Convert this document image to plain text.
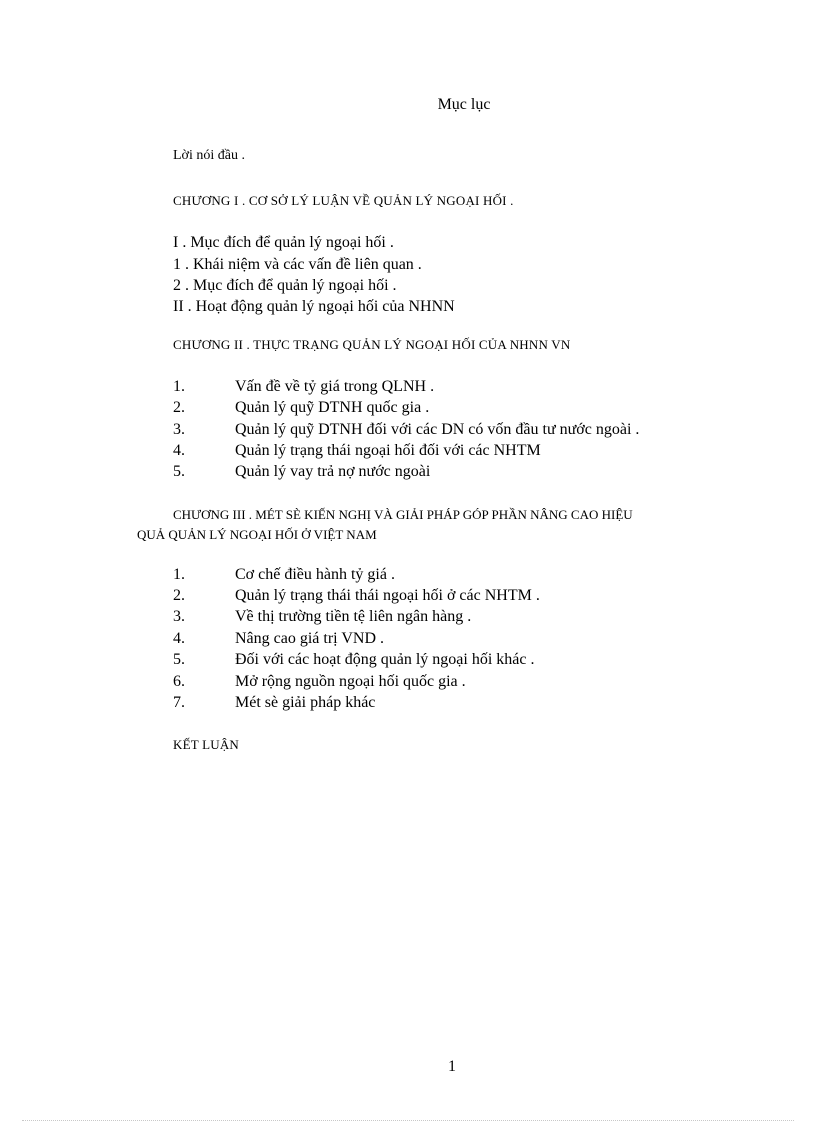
Mục lục
Lời nói đầu .
CHƯƠNG I . CƠ SỞ LÝ LUẬN VỀ QUẢN LÝ NGOẠI HỐI .
I . Mục đích để quản lý ngoại hối .
1 . Khái niệm và các vấn đề liên quan .
2 . Mục đích để quản lý ngoại hối .
II . Hoạt động quản lý ngoại hối của NHNN
CHƯƠNG II . THỰC TRẠNG QUẢN LÝ NGOẠI HỐI CỦA NHNN VN
1.	Vấn đề về tỷ giá trong QLNH .
2.	Quản lý quỹ DTNH quốc gia .
3.	Quản lý quỹ DTNH đối với các DN có vốn đầu tư nước ngoài .
4.	Quản lý trạng thái ngoại hối đối với các NHTM
5.	Quản lý vay trả nợ nước ngoài
CHƯƠNG III . MÉT SÈ KIẾN NGHỊ VÀ GIẢI PHÁP GÓP PHẦN NÂNG CAO HIỆU
QUẢ QUẢN LÝ NGOẠI HỐI Ở VIỆT NAM
1.	Cơ chế điều hành tỷ giá .
2.	Quản lý trạng thái thái ngoại hối ở các NHTM .
3.	Về thị trường tiền tệ liên ngân hàng .
4.	Nâng cao giá trị VND .
5.	Đối với các hoạt động quản lý ngoại hối khác .
6.	Mở rộng nguồn ngoại hối quốc gia .
7.	Mét sè giải pháp khác
KẾT LUẬN
1
